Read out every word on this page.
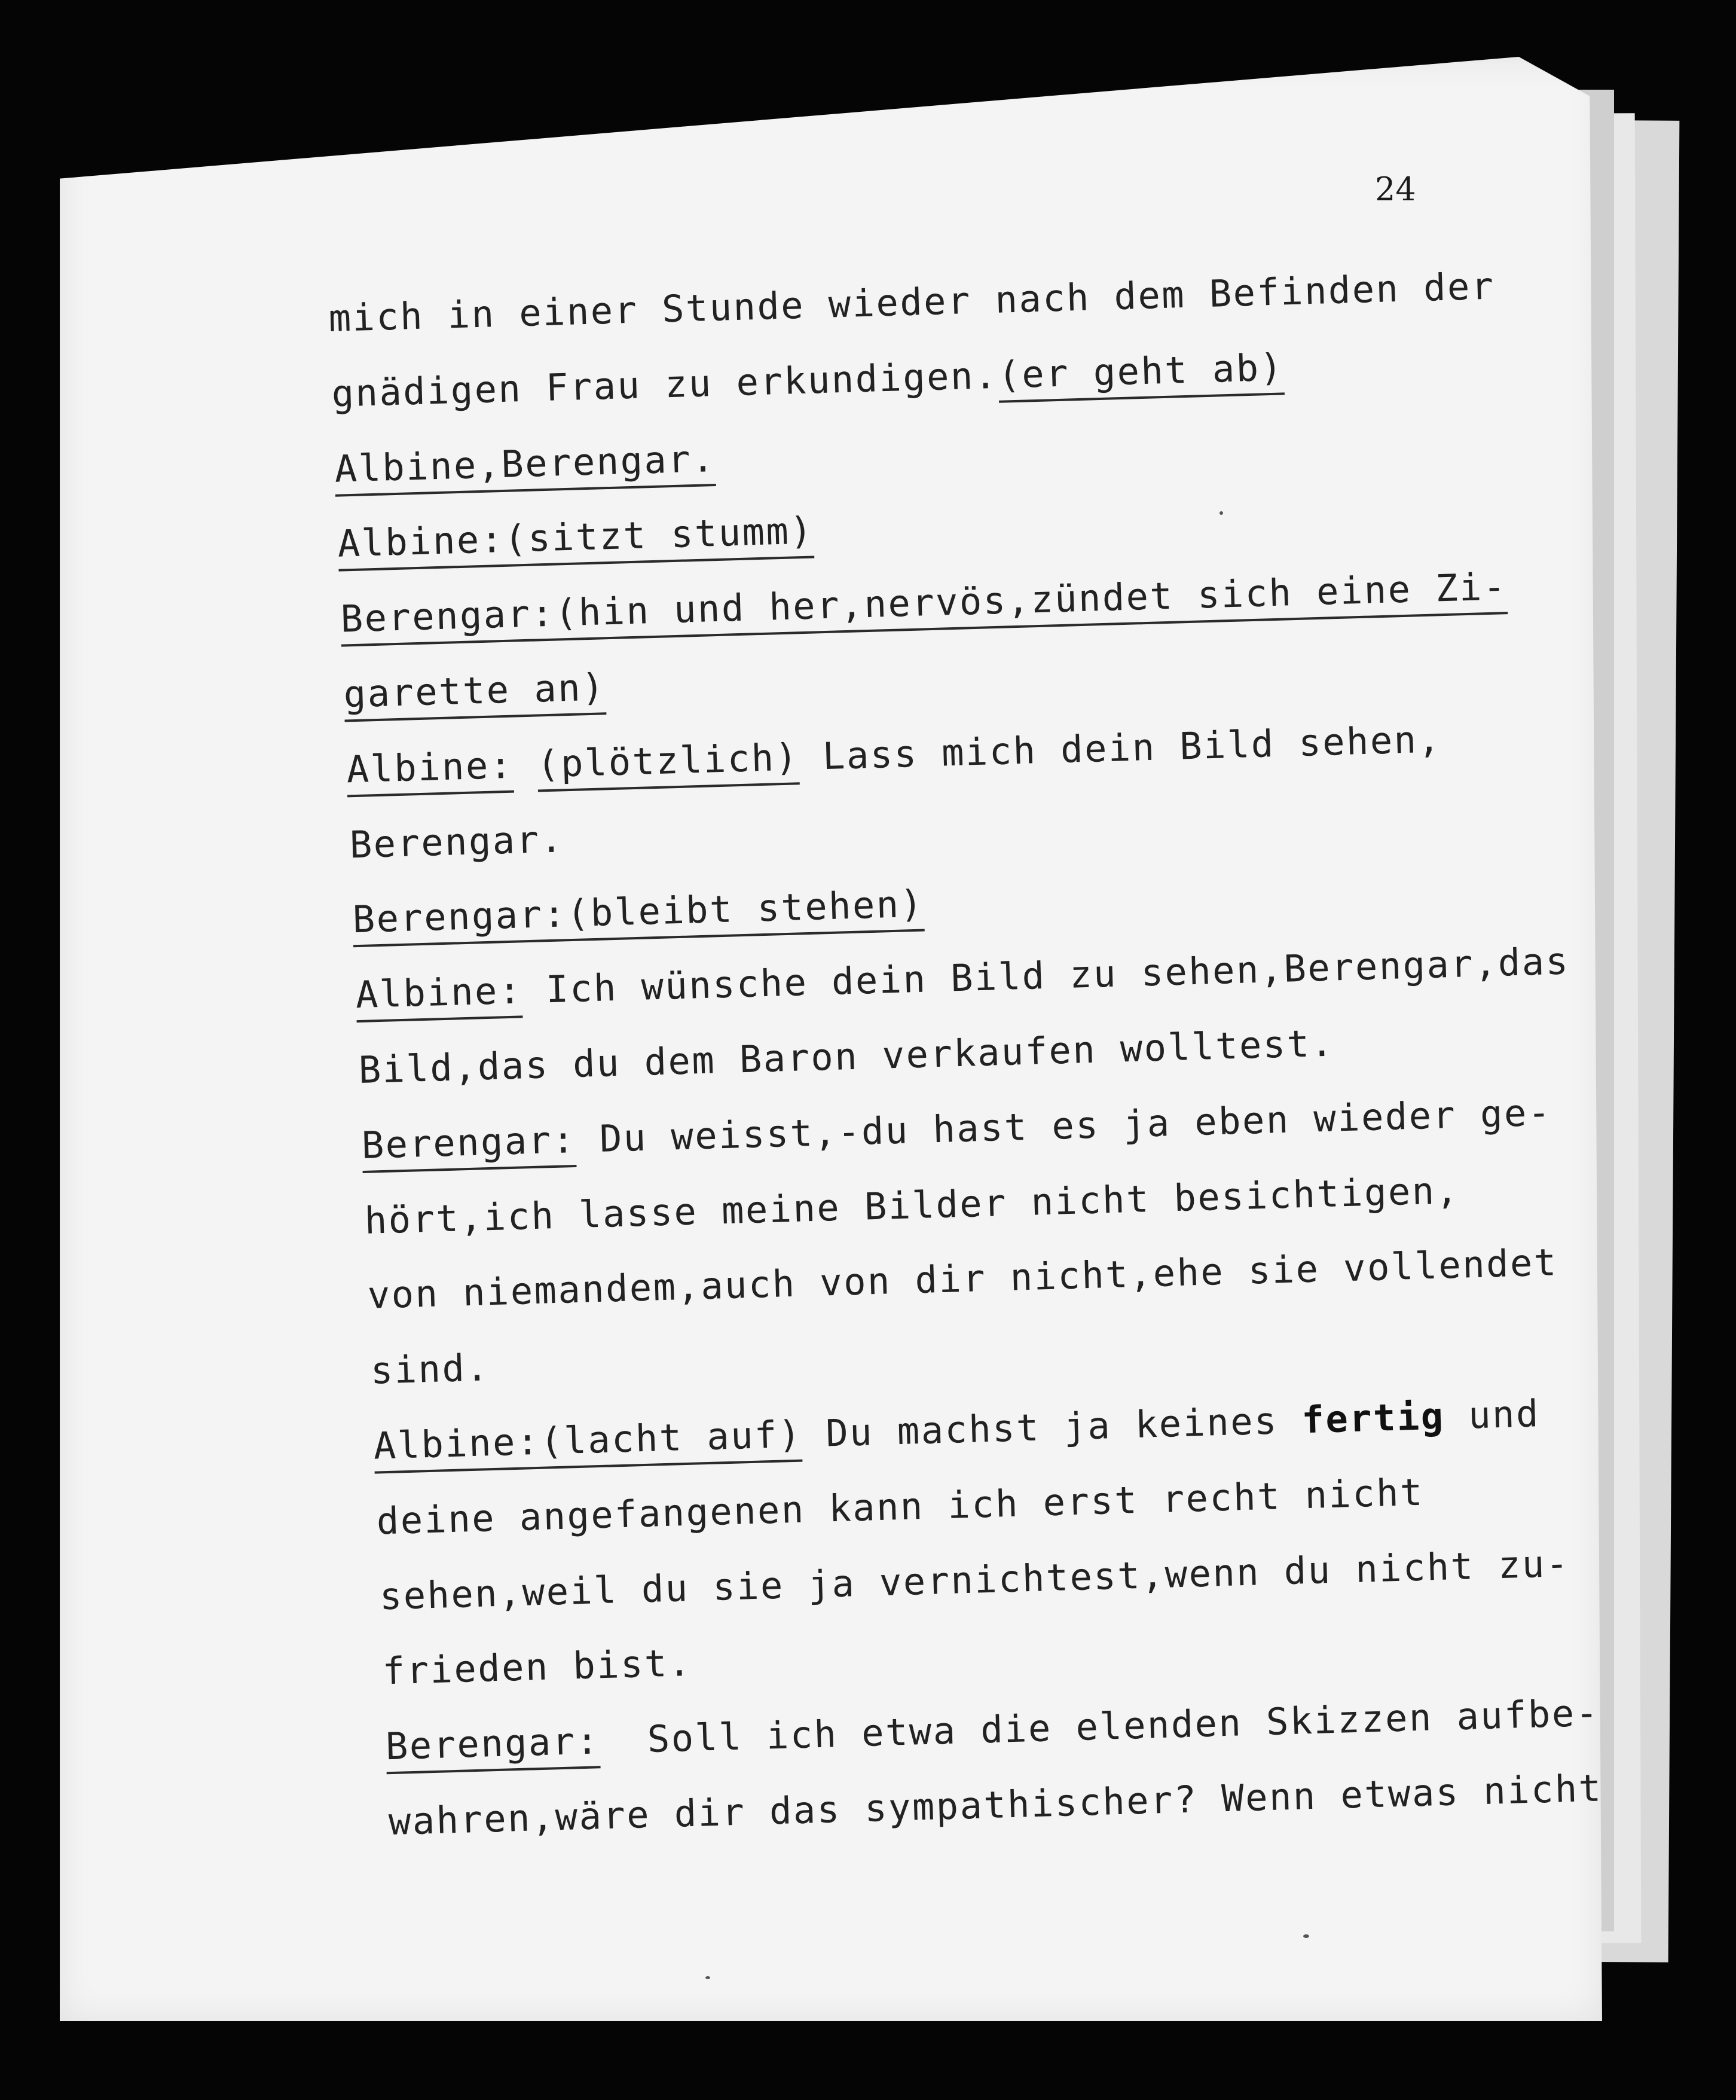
24
mich in einer Stunde wieder nach dem Befinden der
gnädigen Frau zu erkundigen.(er geht ab)
Albine,Berengar.
Albine:(sitzt stumm)
Berengar:(hin und her,nervös,zündet sich eine Zi-
garette an)
Albine: (plötzlich) Lass mich dein Bild sehen,
Berengar.
Berengar:(bleibt stehen)
Albine: Ich wünsche dein Bild zu sehen,Berengar,das
Bild,das du dem Baron verkaufen wolltest.
Berengar: Du weisst,-du hast es ja eben wieder ge-
hört,ich lasse meine Bilder nicht besichtigen,
von niemandem,auch von dir nicht,ehe sie vollendet
sind.
Albine:(lacht auf) Du machst ja keines fertig und
deine angefangenen kann ich erst recht nicht
sehen,weil du sie ja vernichtest,wenn du nicht zu-
frieden bist.
Berengar:  Soll ich etwa die elenden Skizzen aufbe-
wahren,wäre dir das sympathischer? Wenn etwas nicht
